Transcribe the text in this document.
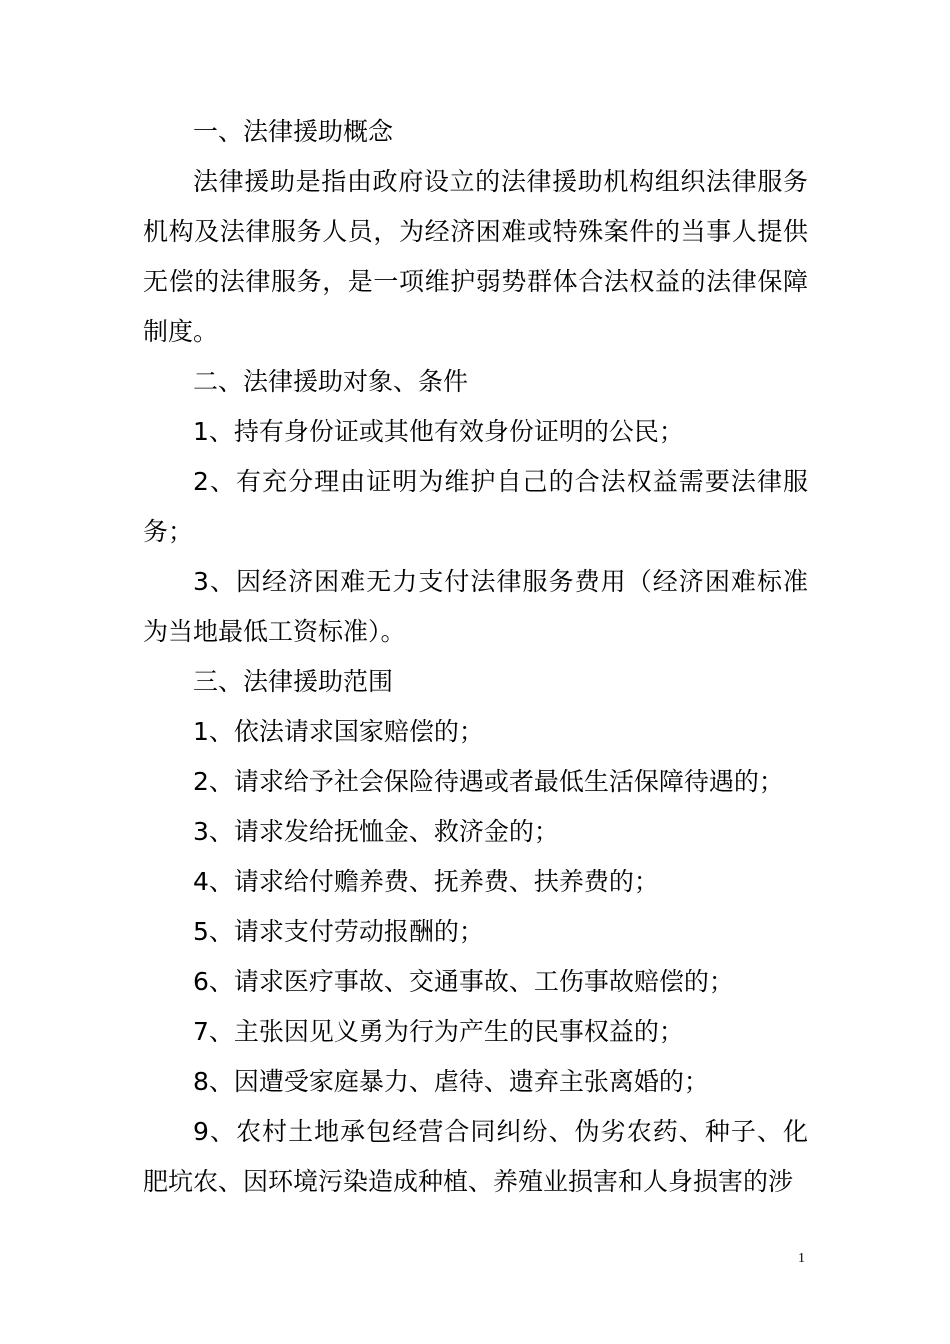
一、法律援助概念

法律援助是指由政府设立的法律援助机构组织法律服务机构及法律服务人员，为经济困难或特殊案件的当事人提供无偿的法律服务，是一项维护弱势群体合法权益的法律保障制度。

二、法律援助对象、条件

1、持有身份证或其他有效身份证明的公民；

2、有充分理由证明为维护自己的合法权益需要法律服务；

3、因经济困难无力支付法律服务费用（经济困难标准为当地最低工资标准）。

三、法律援助范围

1、依法请求国家赔偿的；

2、请求给予社会保险待遇或者最低生活保障待遇的；

3、请求发给抚恤金、救济金的；

4、请求给付赡养费、抚养费、扶养费的；

5、请求支付劳动报酬的；

6、请求医疗事故、交通事故、工伤事故赔偿的；

7、主张因见义勇为行为产生的民事权益的；

8、因遭受家庭暴力、虐待、遗弃主张离婚的；

9、农村土地承包经营合同纠纷、伪劣农药、种子、化肥坑农、因环境污染造成种植、养殖业损害和人身损害的涉

1
